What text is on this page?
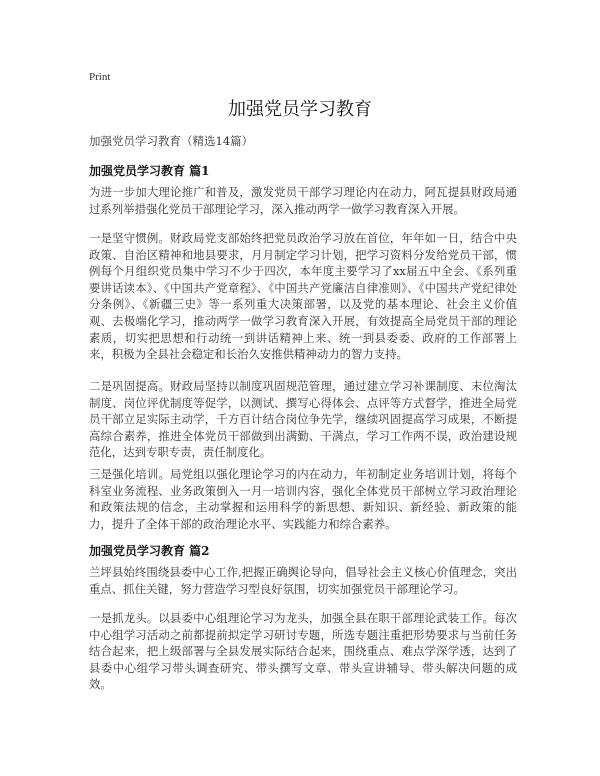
Print
加强党员学习教育
加强党员学习教育（精选14篇）
加强党员学习教育 篇1

为进一步加大理论推广和普及，激发党员干部学习理论内在动力，阿瓦提县财政局通过系列举措强化党员干部理论学习，深入推动两学一做学习教育深入开展。

一是坚守惯例。财政局党支部始终把党员政治学习放在首位，年年如一日，结合中央政策、自治区精神和地县要求，月月制定学习计划，把学习资料分发给党员干部，惯例每个月组织党员集中学习不少于四次，本年度主要学习了xx届五中全会、《系列重要讲话读本》、《中国共产党章程》、《中国共产党廉洁自律准则》、《中国共产党纪律处分条例》、《新疆三史》等一系列重大决策部署，以及党的基本理论、社会主义价值观、去极端化学习，推动两学一做学习教育深入开展，有效提高全局党员干部的理论素质，切实把思想和行动统一到讲话精神上来、统一到县委委、政府的工作部署上来，积极为全县社会稳定和长治久安推供精神动力的智力支持。

二是巩固提高。财政局坚持以制度巩固规范管理，通过建立学习补课制度、末位淘汰制度、岗位评优制度等促学，以测试、撰写心得体会、点评等方式督学，推进全局党员干部立足实际主动学，千方百计结合岗位争先学，继续巩固提高学习成果，不断提高综合素养，推进全体党员干部做到出满勤、干满点，学习工作两不误，政治建设规范化，达到专职专责，责任制度化。

三是强化培训。局党组以强化理论学习的内在动力，年初制定业务培训计划，将每个科室业务流程、业务政策倒入一月一培训内容，强化全体党员干部树立学习政治理论和政策法规的信念，主动掌握和运用科学的新思想、新知识、新经验、新政策的能力，提升了全体干部的政治理论水平、实践能力和综合素养。

加强党员学习教育 篇2

兰坪县始终围绕县委中心工作,把握正确舆论导向，倡导社会主义核心价值理念，突出重点、抓住关键，努力营造学习型良好氛围，切实加强党员干部理论学习。

一是抓龙头。以县委中心组理论学习为龙头，加强全县在职干部理论武装工作。每次中心组学习活动之前都提前拟定学习研讨专题，所选专题注重把形势要求与当前任务结合起来，把上级部署与全县发展实际结合起来，围绕重点、难点学深学透，达到了县委中心组学习带头调查研究、带头撰写文章、带头宣讲辅导、带头解决问题的成效。
